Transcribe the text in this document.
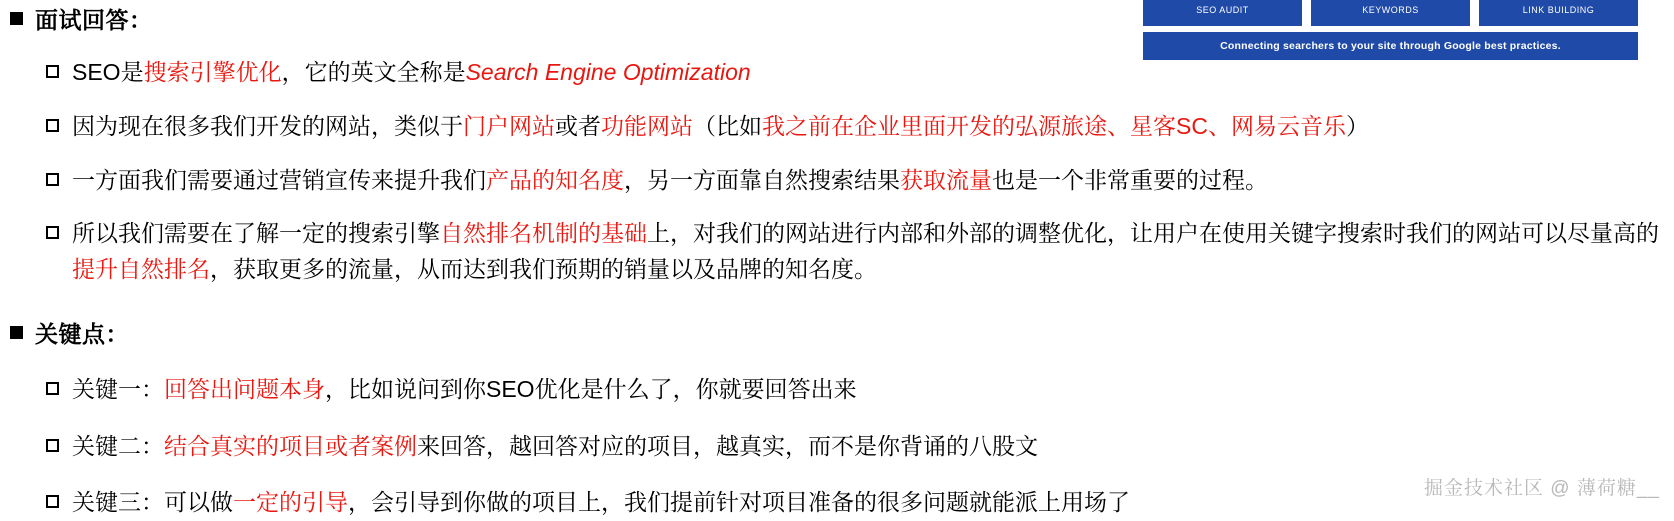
SEO AUDIT	KEYWORDS	LINK BUILDING
Connecting searchers to your site through Google best practices.
面试回答：
SEO是搜索引擎优化，它的英文全称是Search Engine Optimization
因为现在很多我们开发的网站，类似于门户网站或者功能网站（比如我之前在企业里面开发的弘源旅途、星客SC、网易云音乐）
一方面我们需要通过营销宣传来提升我们产品的知名度，另一方面靠自然搜索结果获取流量也是一个非常重要的过程。
所以我们需要在了解一定的搜索引擎自然排名机制的基础上，对我们的网站进行内部和外部的调整优化，让用户在使用关键字搜索时我们的网站可以尽量高的提升自然排名，获取更多的流量，从而达到我们预期的销量以及品牌的知名度。
关键点：
关键一：回答出问题本身，比如说问到你SEO优化是什么了，你就要回答出来
关键二：结合真实的项目或者案例来回答，越回答对应的项目，越真实，而不是你背诵的八股文
关键三：可以做一定的引导，会引导到你做的项目上，我们提前针对项目准备的很多问题就能派上用场了
掘金技术社区 @ 薄荷糖__
